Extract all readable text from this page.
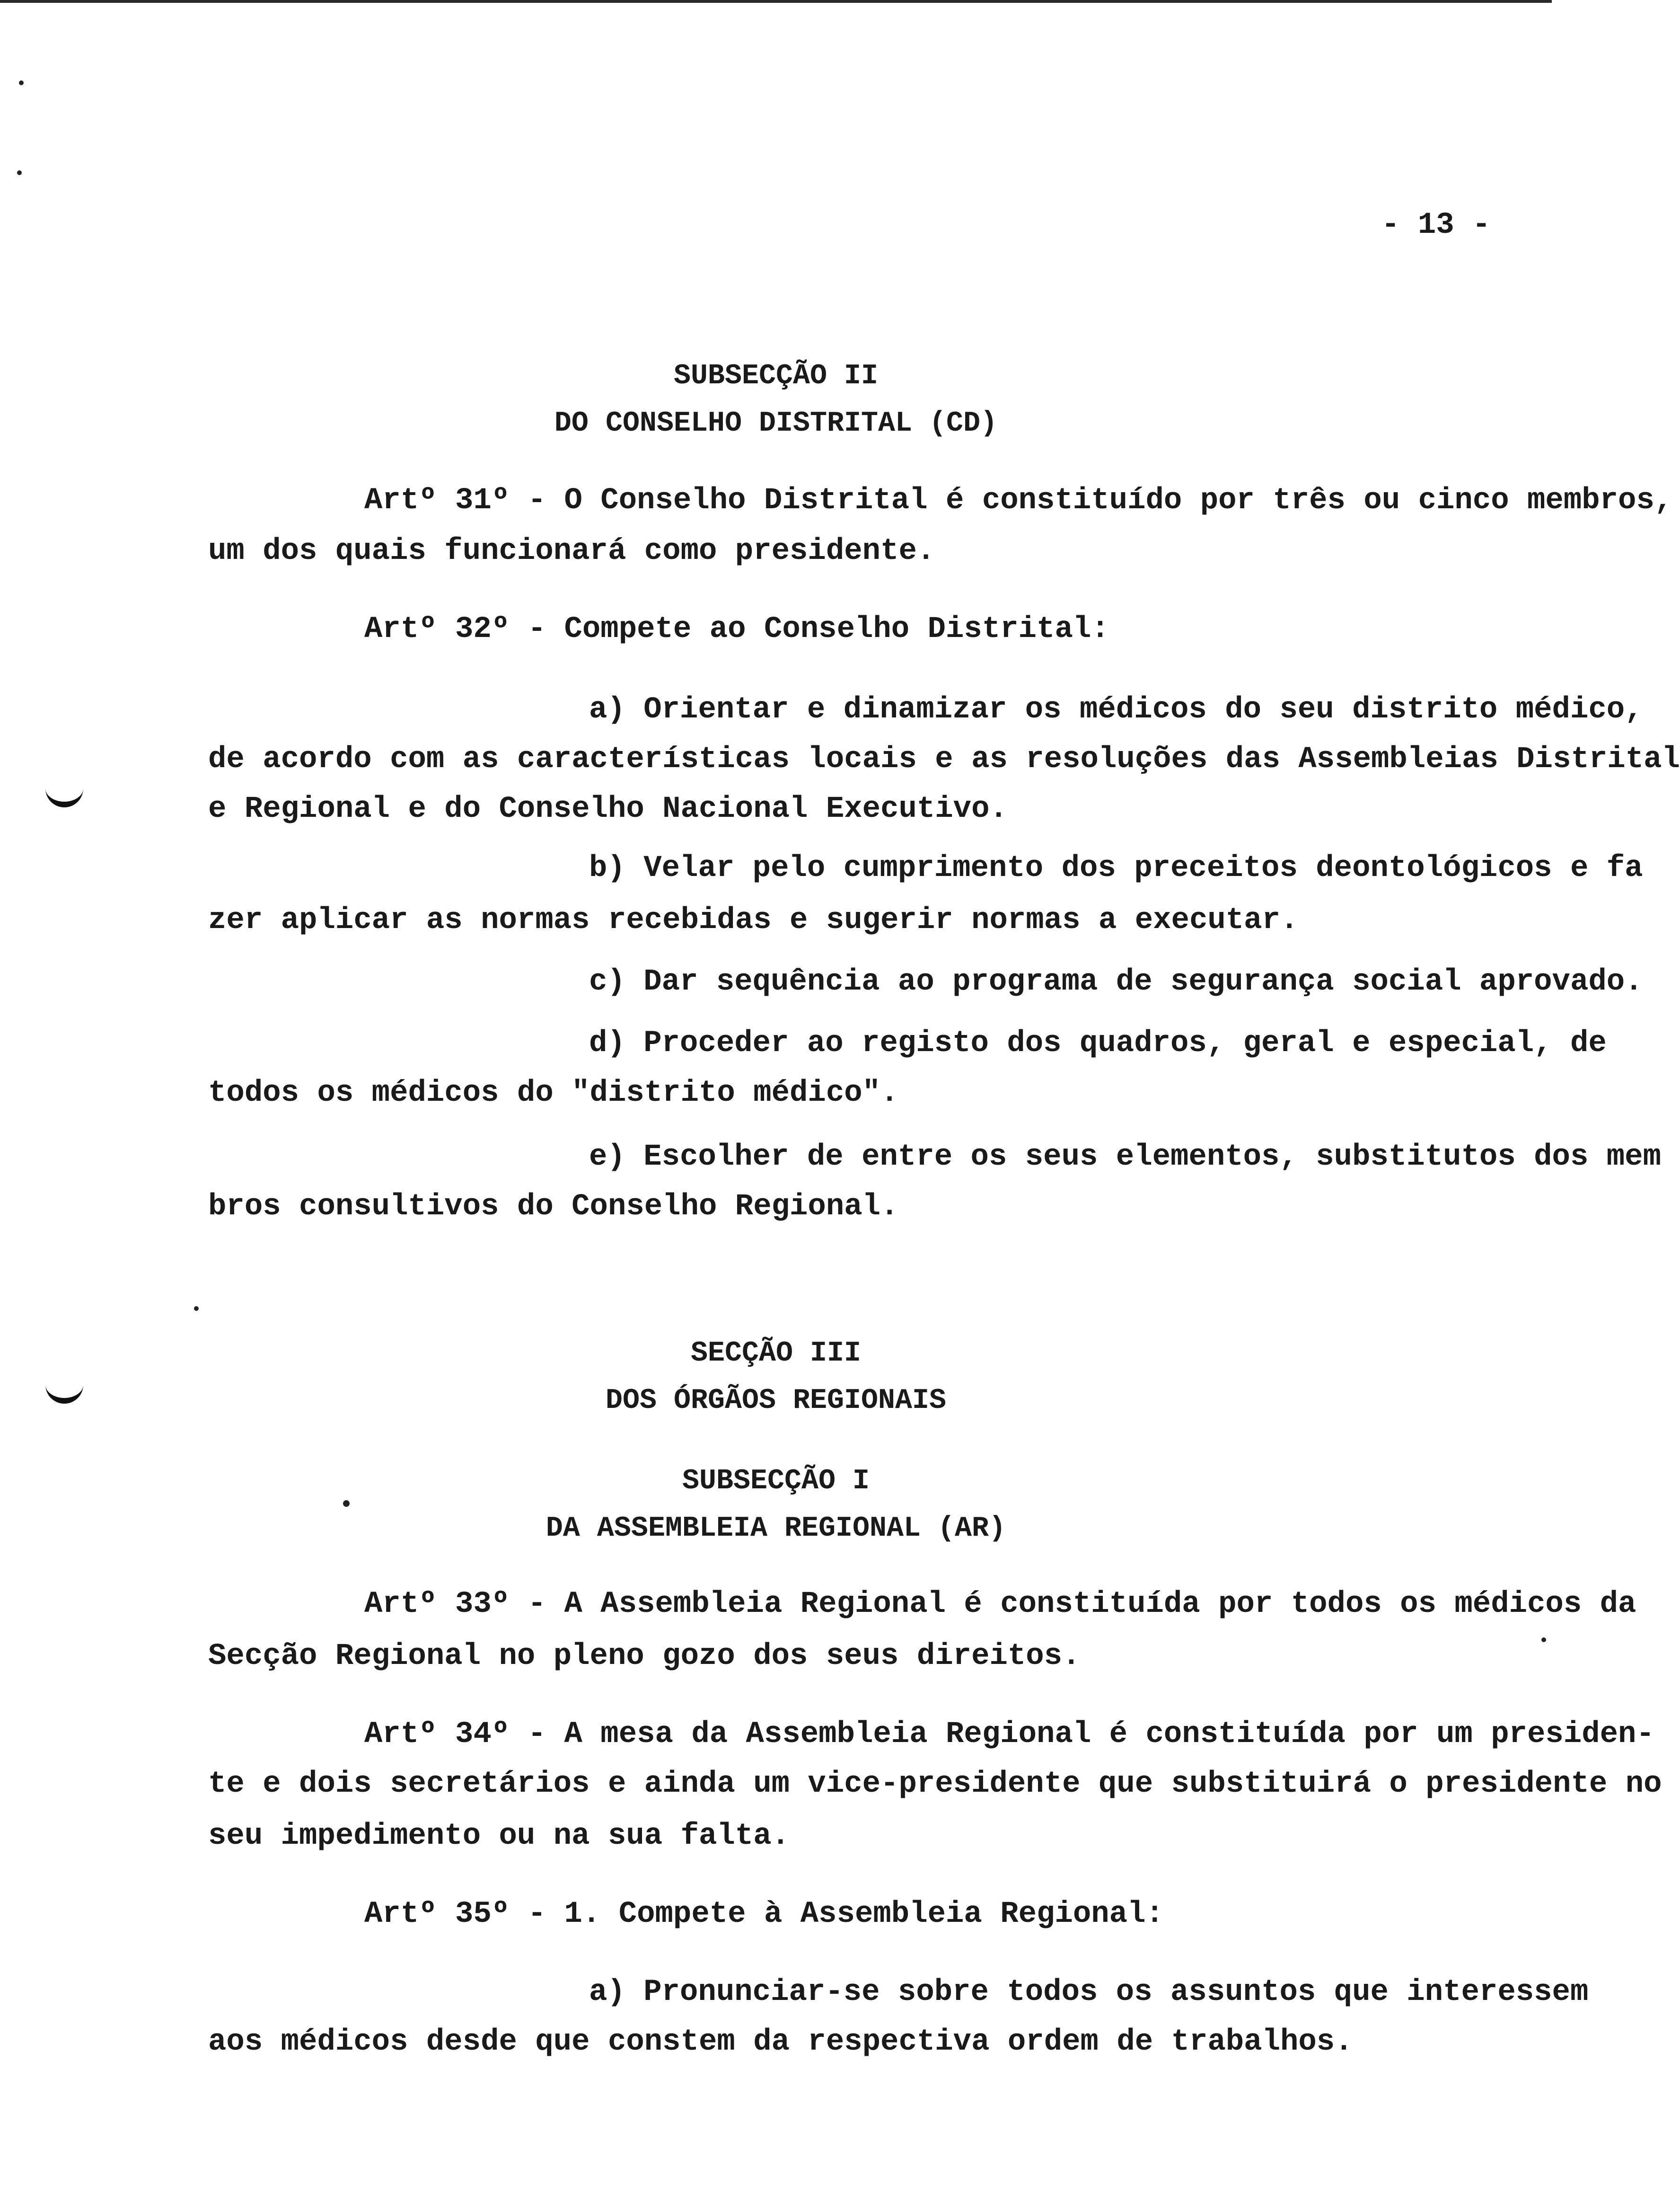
- 13 -
SUBSECÇÃO II
DO CONSELHO DISTRITAL (CD)
Artº 31º - O Conselho Distrital é constituído por três ou cinco membros,
um dos quais funcionará como presidente.
Artº 32º - Compete ao Conselho Distrital:
a) Orientar e dinamizar os médicos do seu distrito médico,
de acordo com as características locais e as resoluções das Assembleias Distrital
e Regional e do Conselho Nacional Executivo.
b) Velar pelo cumprimento dos preceitos deontológicos e fa
zer aplicar as normas recebidas e sugerir normas a executar.
c) Dar sequência ao programa de segurança social aprovado.
d) Proceder ao registo dos quadros, geral e especial, de
todos os médicos do "distrito médico".
e) Escolher de entre os seus elementos, substitutos dos mem
bros consultivos do Conselho Regional.
SECÇÃO III
DOS ÓRGÃOS REGIONAIS
SUBSECÇÃO I
DA ASSEMBLEIA REGIONAL (AR)
Artº 33º - A Assembleia Regional é constituída por todos os médicos da
Secção Regional no pleno gozo dos seus direitos.
Artº 34º - A mesa da Assembleia Regional é constituída por um presiden-
te e dois secretários e ainda um vice-presidente que substituirá o presidente no
seu impedimento ou na sua falta.
Artº 35º - 1. Compete à Assembleia Regional:
a) Pronunciar-se sobre todos os assuntos que interessem
aos médicos desde que constem da respectiva ordem de trabalhos.
